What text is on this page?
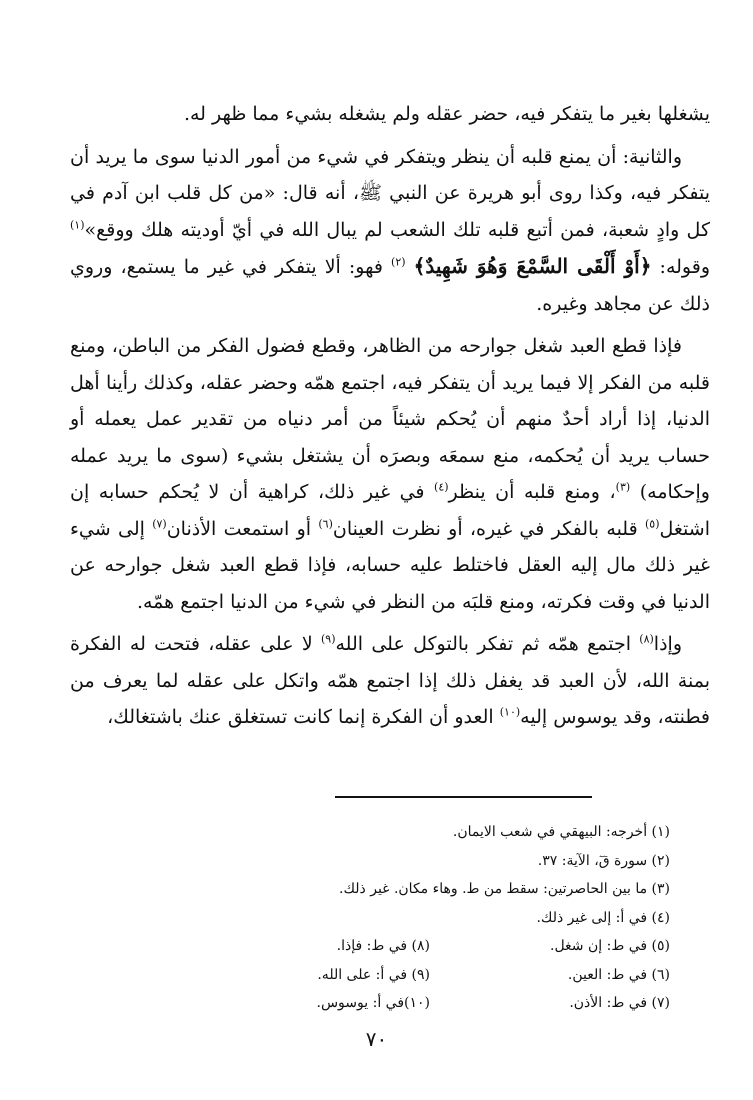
يشغلها بغير ما يتفكر فيه، حضر عقله ولم يشغله بشيء مما ظهر له.

والثانية: أن يمنع قلبه أن ينظر ويتفكر في شيء من أمور الدنيا سوى ما يريد أن يتفكر فيه، وكذا روى أبو هريرة عن النبي ﷺ، أنه قال: «من كل قلب ابن آدم في كل وادٍ شعبة، فمن أتبع قلبه تلك الشعب لم يبال الله في أيّ أوديته هلك ووقع»$^{(١)}$ وقوله: ﴿أَوْ أَلْقَى السَّمْعَ وَهُوَ شَهِيدٌ﴾ $^{(٢)}$ فهو: ألا يتفكر في غير ما يستمع، وروي ذلك عن مجاهد وغيره.

فإذا قطع العبد شغل جوارحه من الظاهر، وقطع فضول الفكر من الباطن، ومنع قلبه من الفكر إلا فيما يريد أن يتفكر فيه، اجتمع همّه وحضر عقله، وكذلك رأينا أهل الدنيا، إذا أراد أحدٌ منهم أن يُحكم شيئاً من أمر دنياه من تقدير عمل يعمله أو حساب يريد أن يُحكمه، منع سمعَه وبصرَه أن يشتغل بشيء (سوى ما يريد عمله وإحكامه) $^{(٣)}$، ومنع قلبه أن ينظر$^{(٤)}$ في غير ذلك، كراهية أن لا يُحكم حسابه إن اشتغل$^{(٥)}$ قلبه بالفكر في غيره، أو نظرت العينان$^{(٦)}$ أو استمعت الأذنان$^{(٧)}$ إلى شيء غير ذلك مال إليه العقل فاختلط عليه حسابه، فإذا قطع العبد شغل جوارحه عن الدنيا في وقت فكرته، ومنع قلبَه من النظر في شيء من الدنيا اجتمع همّه.

وإذا$^{(٨)}$ اجتمع همّه ثم تفكر بالتوكل على الله$^{(٩)}$ لا على عقله، فتحت له الفكرة بمنة الله، لأن العبد قد يغفل ذلك إذا اجتمع همّه واتكل على عقله لما يعرف من فطنته، وقد يوسوس إليه$^{(١٠)}$ العدو أن الفكرة إنما كانت تستغلق عنك باشتغالك،

(١) أخرجه: البيهقي في شعب الايمان.
(٢) سورة قٓ، الآية: ٣٧.
(٣) ما بين الحاصرتين: سقط من ط. وهاء مكان. غير ذلك.
(٤) في أ: إلى غير ذلك.
(٥) في ط: إن شغل.
(٨) في ط: فإذا.
(٦) في ط: العين.
(٩) في أ: على الله.
(٧) في ط: الأذن.
(١٠)في أ: يوسوس.
٧٠
